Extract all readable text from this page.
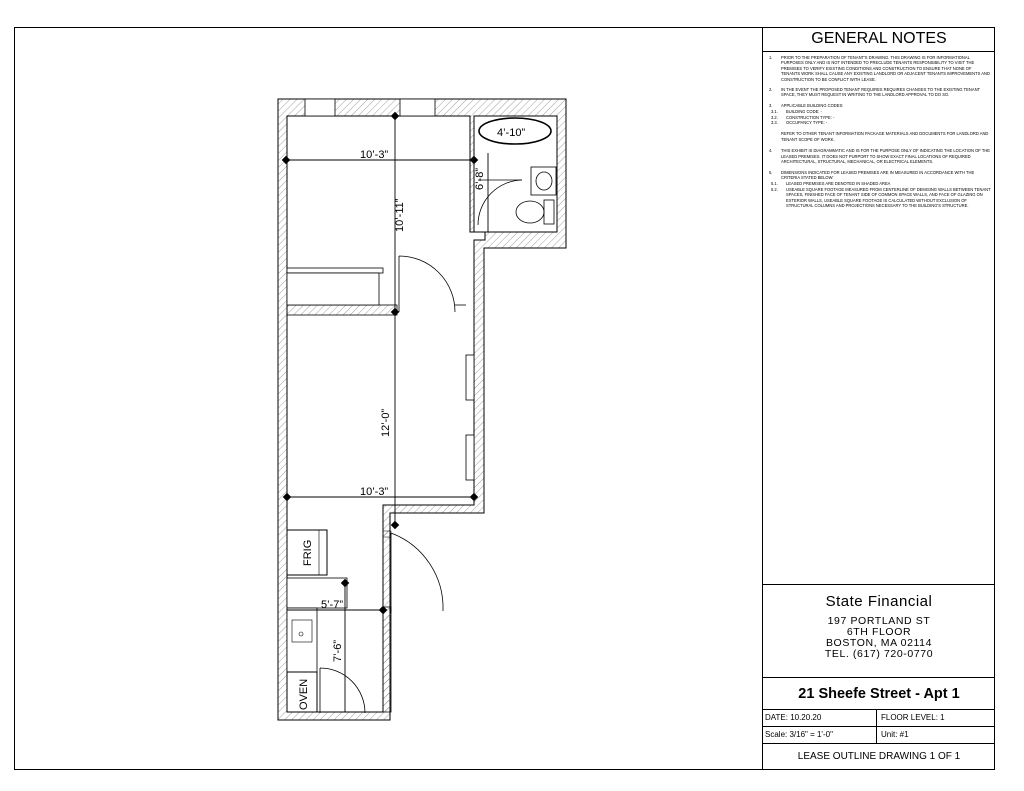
10’-3”
10’-11”
4’-10”
6’-8”
12’-0”
10’-3”
5’-7”
7’-6”
FRIG
OVEN
GENERAL NOTES
1.	PRIOR TO THE PREPARATION OF TENANT'S DRAWING. THIS DRAWING IS FOR INFORMATIONAL PURPOSES ONLY AND IS NOT INTENDED TO PRECLUDE TENANTS RESPONSIBILITY TO VISIT THE PREMISES TO VERIFY EXISTING CONDITIONS AND CONSTRUCTION TO ENSURE THAT NONE OF TENANTS WORK SHALL CAUSE ANY EXISTING LANDLORD OR ADJACENT TENANTS IMPROVEMENTS AND CONSTRUCTION TO BE CONFLICT WITH LEASE.
2.	IN THE EVENT THE PROPOSED TENANT REQUIRES REQUIRES CHANGES TO THE EXISTING TENANT SPACE, THEY MUST REQUEST IN WRITING TO THE LANDLORD APPROVAL TO DO SO.
3.	APPLICABLE BUILDING CODES:
3.1.	BUILDING CODE: -
3.2.	CONSTRUCTION TYPE: -
3.3.	OCCUPANCY TYPE: -
REFER TO OTHER TENANT INFORMATION PACKAGE MATERIALS AND DOCUMENTS FOR LANDLORD AND TENANT SCOPE OF WORK.
4.	THIS EXHIBIT IS DIAGRAMMATIC AND IS FOR THE PURPOSE ONLY OF INDICATING THE LOCATION OF THE LEASED PREMISES. IT DOES NOT PURPORT TO SHOW EXACT FINAL LOCATIONS OF REQUIRED ARCHITECTURAL, STRUCTURAL, MECHANICAL, OR ELECTRICAL ELEMENTS.
5.	DIMENSIONS INDICATED FOR LEASED PREMISES ARE IN MEASURED IN ACCORDANCE WITH THE CRITERIA STATED BELOW:
5.1.	LEASED PREMISES ARE DENOTED IN SHADED AREA
5.2.	USEABLE SQUARE FOOTAGE MEASURED FROM CENTERLINE OF DEMISING WALLS BETWEEN TENANT SPACES, FINISHED FACE OF TENANT SIDE OF COMMON SPACE WALLS, AND FACE OF GLAZING ON EXTERIOR WALLS. USEABLE SQUARE FOOTAGE IS CALCULATED WITHOUT EXCLUSION OF STRUCTURAL COLUMNS AND PROJECTIONS NECESSARY TO THE BUILDING'S STRUCTURE.
State Financial
197 PORTLAND ST
6TH FLOOR
BOSTON, MA 02114
TEL. (617) 720-0770
21 Sheefe Street - Apt 1
DATE: 10.20.20	FLOOR LEVEL: 1
Scale: 3/16" = 1'-0"	Unit: #1
LEASE OUTLINE DRAWING 1 OF 1
